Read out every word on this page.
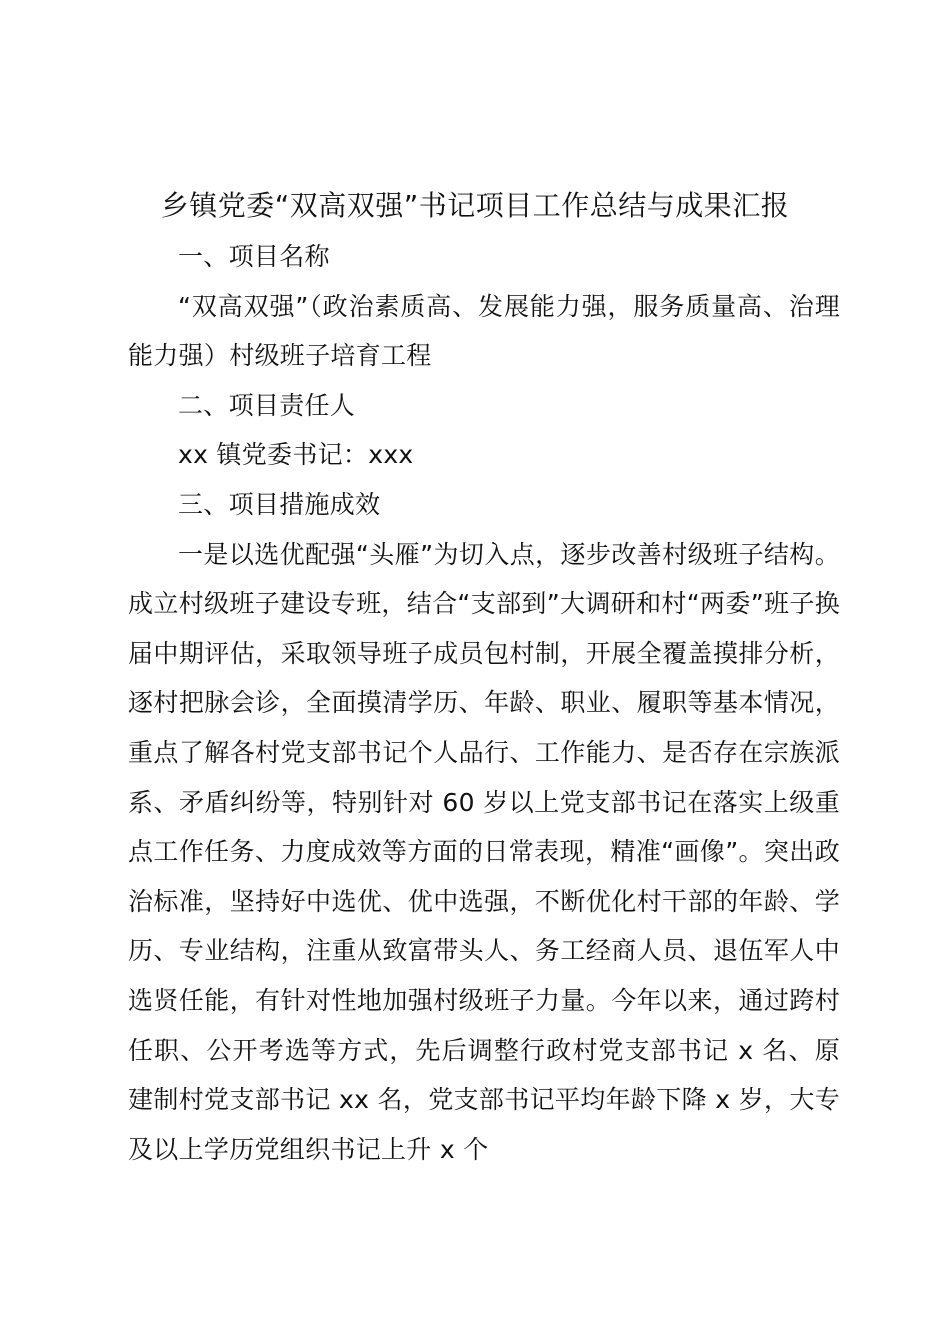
乡镇党委“双高双强”书记项目工作总结与成果汇报

一、项目名称

“双高双强”（政治素质高、发展能力强，服务质量高、治理能力强）村级班子培育工程

二、项目责任人

xx 镇党委书记：xxx

三、项目措施成效

一是以选优配强“头雁”为切入点，逐步改善村级班子结构。成立村级班子建设专班，结合“支部到”大调研和村“两委”班子换届中期评估，采取领导班子成员包村制，开展全覆盖摸排分析，逐村把脉会诊，全面摸清学历、年龄、职业、履职等基本情况，重点了解各村党支部书记个人品行、工作能力、是否存在宗族派系、矛盾纠纷等，特别针对 60 岁以上党支部书记在落实上级重点工作任务、力度成效等方面的日常表现，精准“画像”。突出政治标准，坚持好中选优、优中选强，不断优化村干部的年龄、学历、专业结构，注重从致富带头人、务工经商人员、退伍军人中选贤任能，有针对性地加强村级班子力量。今年以来，通过跨村任职、公开考选等方式，先后调整行政村党支部书记 x 名、原建制村党支部书记 xx 名，党支部书记平均年龄下降 x 岁，大专及以上学历党组织书记上升 x 个
